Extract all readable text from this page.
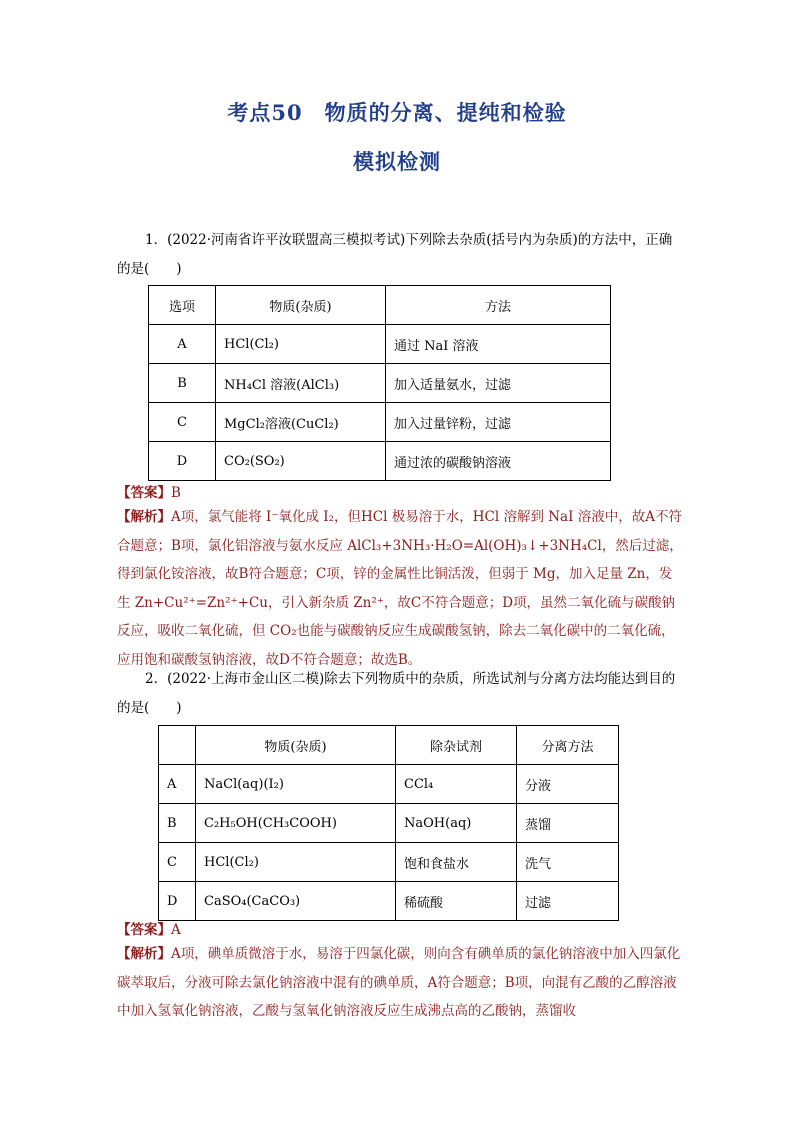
考点50　物质的分离、提纯和检验
模拟检测
1．(2022·河南省许平汝联盟高三模拟考试)下列除去杂质(括号内为杂质)的方法中，正确的是(　　)
选项	物质(杂质)	方法
A	HCl(Cl₂)	通过 NaI 溶液
B	NH₄Cl 溶液(AlCl₃)	加入适量氨水，过滤
C	MgCl₂溶液(CuCl₂)	加入过量锌粉，过滤
D	CO₂(SO₂)	通过浓的碳酸钠溶液
【答案】B
【解析】A项，氯气能将 I⁻氧化成 I₂，但HCl 极易溶于水，HCl 溶解到 NaI 溶液中，故A不符合题意；B项，氯化铝溶液与氨水反应 AlCl₃+3NH₃·H₂O=Al(OH)₃↓+3NH₄Cl，然后过滤，得到氯化铵溶液，故B符合题意；C项，锌的金属性比铜活泼，但弱于 Mg，加入足量 Zn，发生 Zn+Cu²⁺=Zn²⁺+Cu，引入新杂质 Zn²⁺，故C不符合题意；D项，虽然二氧化硫与碳酸钠反应，吸收二氧化硫，但 CO₂也能与碳酸钠反应生成碳酸氢钠，除去二氧化碳中的二氧化硫，应用饱和碳酸氢钠溶液，故D不符合题意；故选B。
2．(2022·上海市金山区二模)除去下列物质中的杂质，所选试剂与分离方法均能达到目的的是(　　)
	物质(杂质)	除杂试剂	分离方法
A	NaCl(aq)(I₂)	CCl₄	分液
B	C₂H₅OH(CH₃COOH)	NaOH(aq)	蒸馏
C	HCl(Cl₂)	饱和食盐水	洗气
D	CaSO₄(CaCO₃)	稀硫酸	过滤
【答案】A
【解析】A项，碘单质微溶于水，易溶于四氯化碳，则向含有碘单质的氯化钠溶液中加入四氯化碳萃取后，分液可除去氯化钠溶液中混有的碘单质，A符合题意；B项，向混有乙酸的乙醇溶液中加入氢氧化钠溶液，乙酸与氢氧化钠溶液反应生成沸点高的乙酸钠，蒸馏收
